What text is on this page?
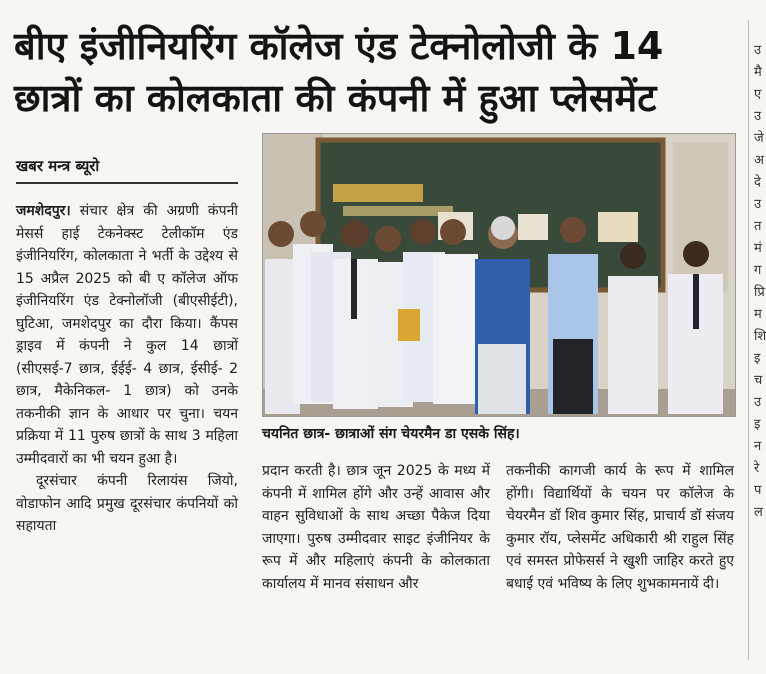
बीए इंजीनियरिंग कॉलेज एंड टेक्नोलोजी के 14 छात्रों का कोलकाता की कंपनी में हुआ प्लेसमेंट
खबर मन्त्र ब्यूरो

जमशेदपुर। संचार क्षेत्र की अग्रणी कंपनी मेसर्स हाई टेकनेक्स्ट टेलीकॉम एंड इंजीनियरिंग, कोलकाता ने भर्ती के उद्देश्य से 15 अप्रैल 2025 को बी ए कॉलेज ऑफ इंजीनियरिंग एंड टेक्नोलॉजी (बीएसीईटी), घुटिआ, जमशेदपुर का दौरा किया। कैंपस ड्राइव में कंपनी ने कुल 14 छात्रों (सीएसई-7 छात्र, ईईई- 4 छात्र, ईसीई- 2 छात्र, मैकेनिकल- 1 छात्र) को उनके तकनीकी ज्ञान के आधार पर चुना। चयन प्रक्रिया में 11 पुरुष छात्रों के साथ 3 महिला उम्मीदवारों का भी चयन हुआ है।

दूरसंचार कंपनी रिलायंस जियो, वोडाफोन आदि प्रमुख दूरसंचार कंपनियों को सहायता

चयनित छात्र- छात्राओं संग चेयरमैन डा एसके सिंह।

प्रदान करती है। छात्र जून 2025 के मध्य में कंपनी में शामिल होंगे और उन्हें आवास और वाहन सुविधाओं के साथ अच्छा पैकेज दिया जाएगा। पुरुष उम्मीदवार साइट इंजीनियर के रूप में और महिलाएं कंपनी के कोलकाता कार्यालय में मानव संसाधन और

तकनीकी कागजी कार्य के रूप में शामिल होंगी। विद्यार्थियों के चयन पर कॉलेज के चेयरमैन डॉ शिव कुमार सिंह, प्राचार्य डॉ संजय कुमार रॉय, प्लेसमेंट अधिकारी श्री राहुल सिंह एवं समस्त प्रोफेसर्स ने खुशी जाहिर करते हुए बधाई एवं भविष्य के लिए शुभकामनायें दी।

उ
मै
ए
उ
जे
अ
दे
उ
त
मं
ग
प्रि
म
शि
इ
च
उ
इ
न
रे
प
ल
